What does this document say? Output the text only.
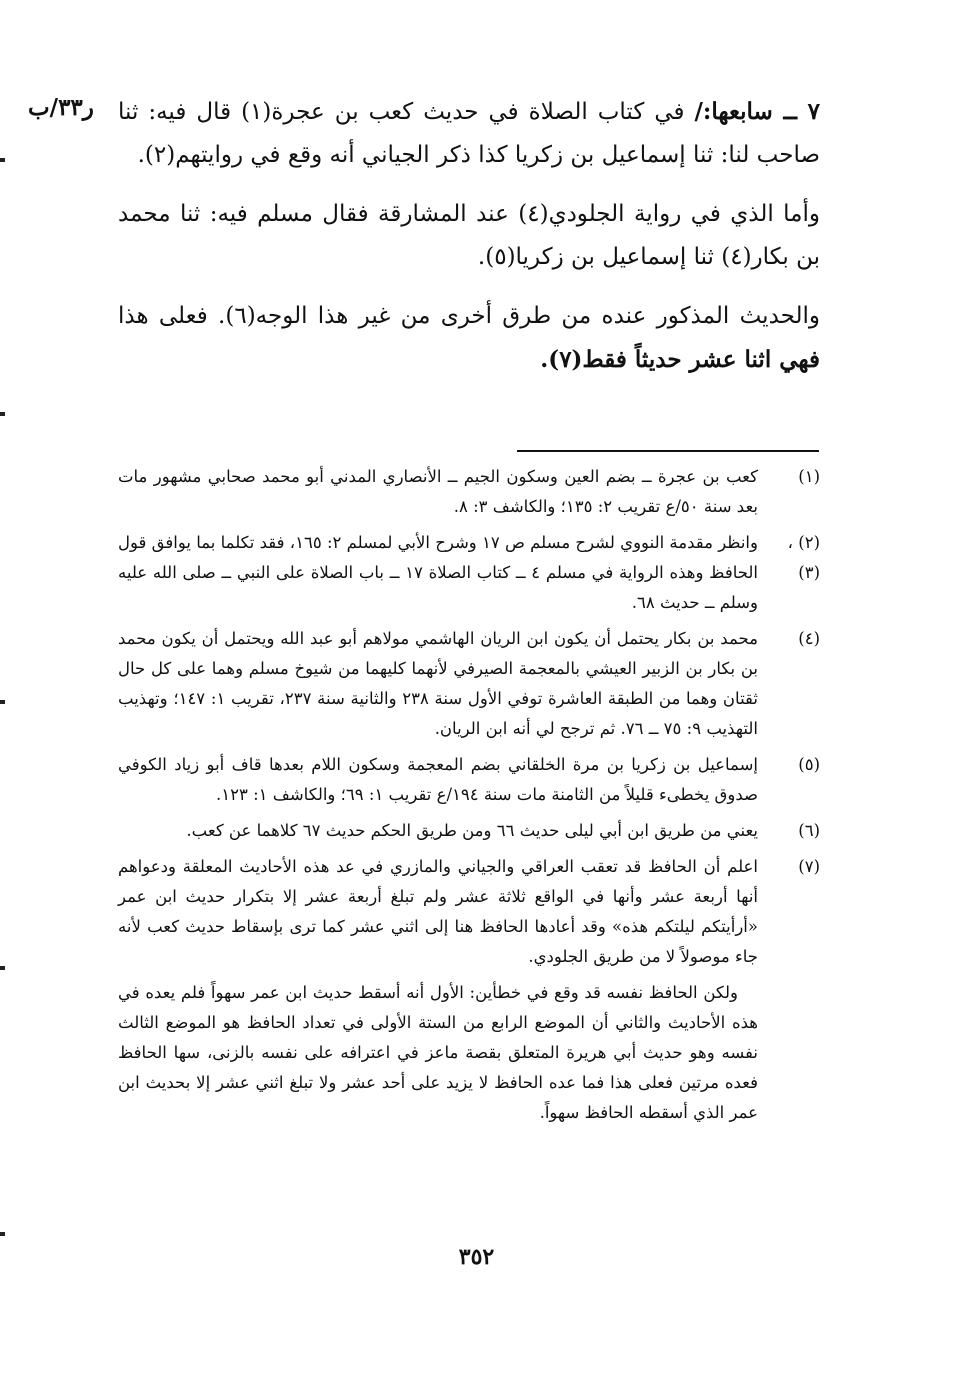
ر٣٣/ب	٧ ــ سابعها:/ في كتاب الصلاة في حديث كعب بن عجرة(١) قال فيه: ثنا صاحب لنا: ثنا إسماعيل بن زكريا كذا ذكر الجياني أنه وقع في روايتهم(٢).

وأما الذي في رواية الجلودي(٤) عند المشارقة فقال مسلم فيه: ثنا محمد بن بكار(٤) ثنا إسماعيل بن زكريا(٥).

والحديث المذكور عنده من طرق أخرى من غير هذا الوجه(٦). فعلى هذا فهي اثنا عشر حديثاً فقط(٧).

(١)
كعب بن عجرة ــ بضم العين وسكون الجيم ــ الأنصاري المدني أبو محمد صحابي مشهور مات بعد سنة ٥٠/ع تقريب ٢: ١٣٥؛ والكاشف ٣: ٨.
(٢) ، (٣)
وانظر مقدمة النووي لشرح مسلم ص ١٧ وشرح الأبي لمسلم ٢: ١٦٥، فقد تكلما بما يوافق قول الحافظ وهذه الرواية في مسلم ٤ ــ كتاب الصلاة ١٧ ــ باب الصلاة على النبي ــ صلى الله عليه وسلم ــ حديث ٦٨.
(٤)
محمد بن بكار يحتمل أن يكون ابن الريان الهاشمي مولاهم أبو عبد الله ويحتمل أن يكون محمد بن بكار بن الزبير العيشي بالمعجمة الصيرفي لأنهما كليهما من شيوخ مسلم وهما على كل حال ثقتان وهما من الطبقة العاشرة توفي الأول سنة ٢٣٨ والثانية سنة ٢٣٧، تقريب ١: ١٤٧؛ وتهذيب التهذيب ٩: ٧٥ ــ ٧٦. ثم ترجح لي أنه ابن الريان.
(٥)
إسماعيل بن زكريا بن مرة الخلقاني بضم المعجمة وسكون اللام بعدها قاف أبو زياد الكوفي صدوق يخطىء قليلاً من الثامنة مات سنة ١٩٤/ع تقريب ١: ٦٩؛ والكاشف ١: ١٢٣.
(٦)
يعني من طريق ابن أبي ليلى حديث ٦٦ ومن طريق الحكم حديث ٦٧ كلاهما عن كعب.
(٧)
اعلم أن الحافظ قد تعقب العراقي والجياني والمازري في عد هذه الأحاديث المعلقة ودعواهم أنها أربعة عشر وأنها في الواقع ثلاثة عشر ولم تبلغ أربعة عشر إلا بتكرار حديث ابن عمر «أرأيتكم ليلتكم هذه» وقد أعادها الحافظ هنا إلى اثني عشر كما ترى بإسقاط حديث كعب لأنه جاء موصولاً لا من طريق الجلودي.
ولكن الحافظ نفسه قد وقع في خطأين: الأول أنه أسقط حديث ابن عمر سهواً فلم يعده في هذه الأحاديث والثاني أن الموضع الرابع من الستة الأولى في تعداد الحافظ هو الموضع الثالث نفسه وهو حديث أبي هريرة المتعلق بقصة ماعز في اعترافه على نفسه بالزنى، سها الحافظ فعده مرتين فعلى هذا فما عده الحافظ لا يزيد على أحد عشر ولا تبلغ اثني عشر إلا بحديث ابن عمر الذي أسقطه الحافظ سهواً.
٣٥٢
